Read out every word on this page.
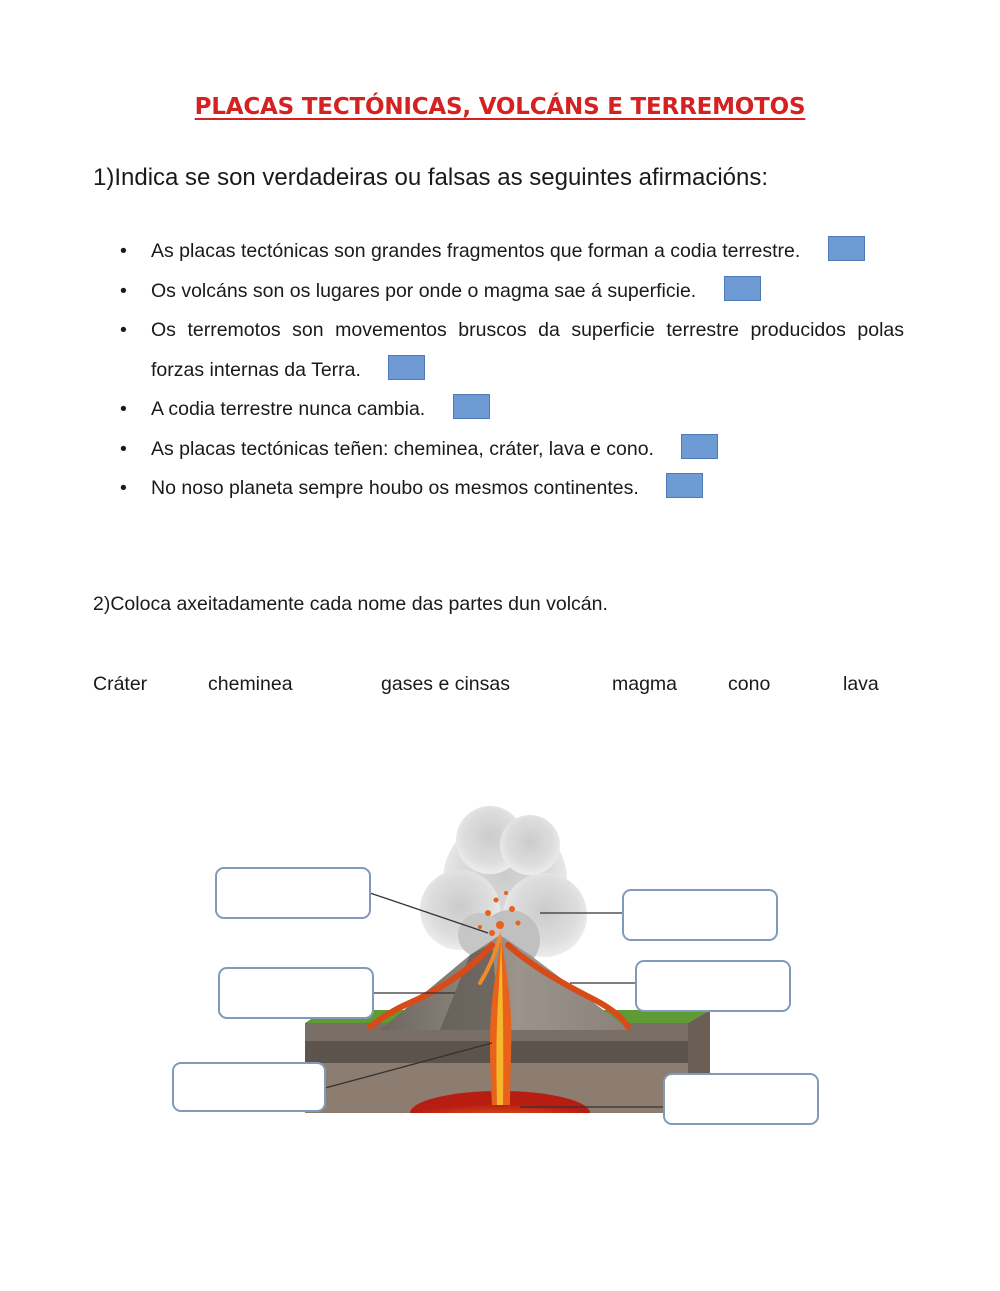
PLACAS TECTÓNICAS, VOLCÁNS E TERREMOTOS
1)Indica se son verdadeiras ou falsas as seguintes afirmacións:
• As placas tectónicas son grandes fragmentos que forman a codia terrestre.
• Os volcáns son os lugares por onde o magma sae á superficie.
• Os terremotos son movementos bruscos da superficie terrestre producidos polas forzas internas da Terra.
• A codia terrestre nunca cambia.
• As placas tectónicas teñen: cheminea, cráter, lava e cono.
• No noso planeta sempre houbo os mesmos continentes.
2)Coloca axeitadamente cada nome das partes dun volcán.
Cráter	cheminea	gases e cinsas	magma	cono	lava
